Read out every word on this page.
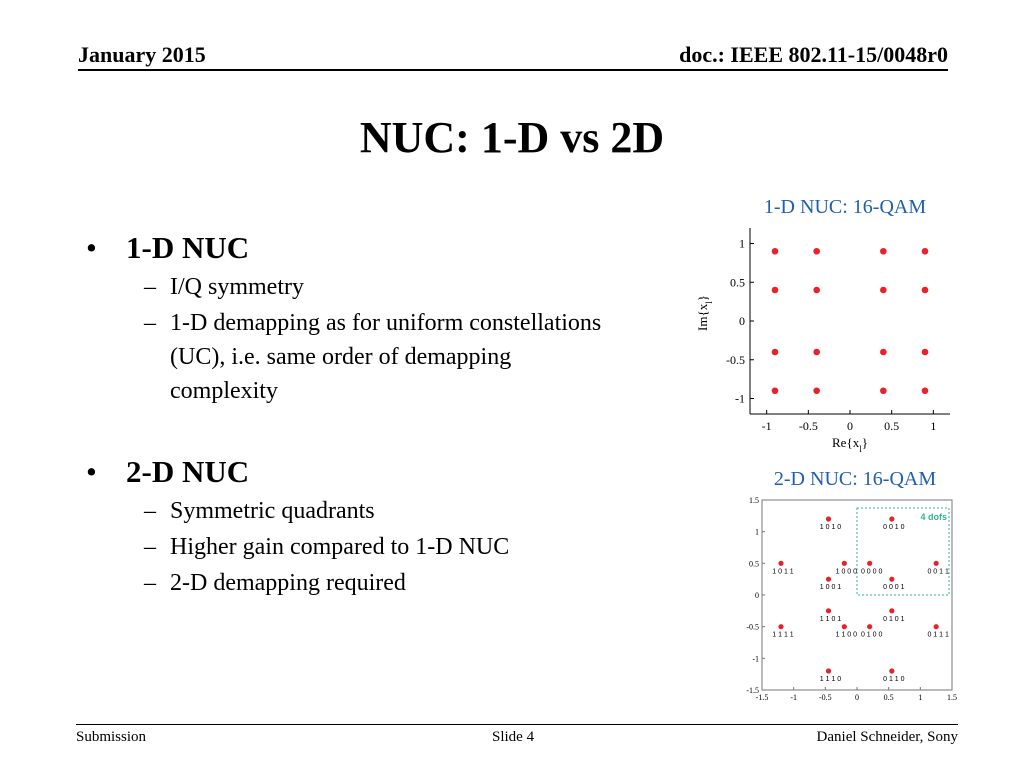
January 2015	doc.: IEEE 802.11-15/0048r0
NUC: 1-D vs 2D
• 1-D NUC
– I/Q symmetry
– 1-D demapping as for uniform constellations (UC), i.e. same order of demapping complexity
• 2-D NUC
– Symmetric quadrants
– Higher gain compared to 1-D NUC
– 2-D demapping required
1-D NUC: 16-QAM
-1 -0.5 0	0.5	1
-1
-0.5
0
0.5
1
$Re\{x_l\}$
$Im\{x_l\}$
2-D NUC: 16-QAM
-1.5	-1	-0.5	0	0.5	1	1.5
-1.5
-1
-0.5
0
0.5
1
1.5
4 dofs
1 0 1 0	0 0 1 0
1 0 1 1	1 0 0 0 0 0 0 0	0 0 1 1
1 0 0 1	0 0 0 1
1 1 0 1	0 1 0 1
1 1 1 1	1 1 0 0 0 1 0 0	0 1 1 1
1 1 1 0	0 1 1 0
Submission	Slide 4	Daniel Schneider, Sony
